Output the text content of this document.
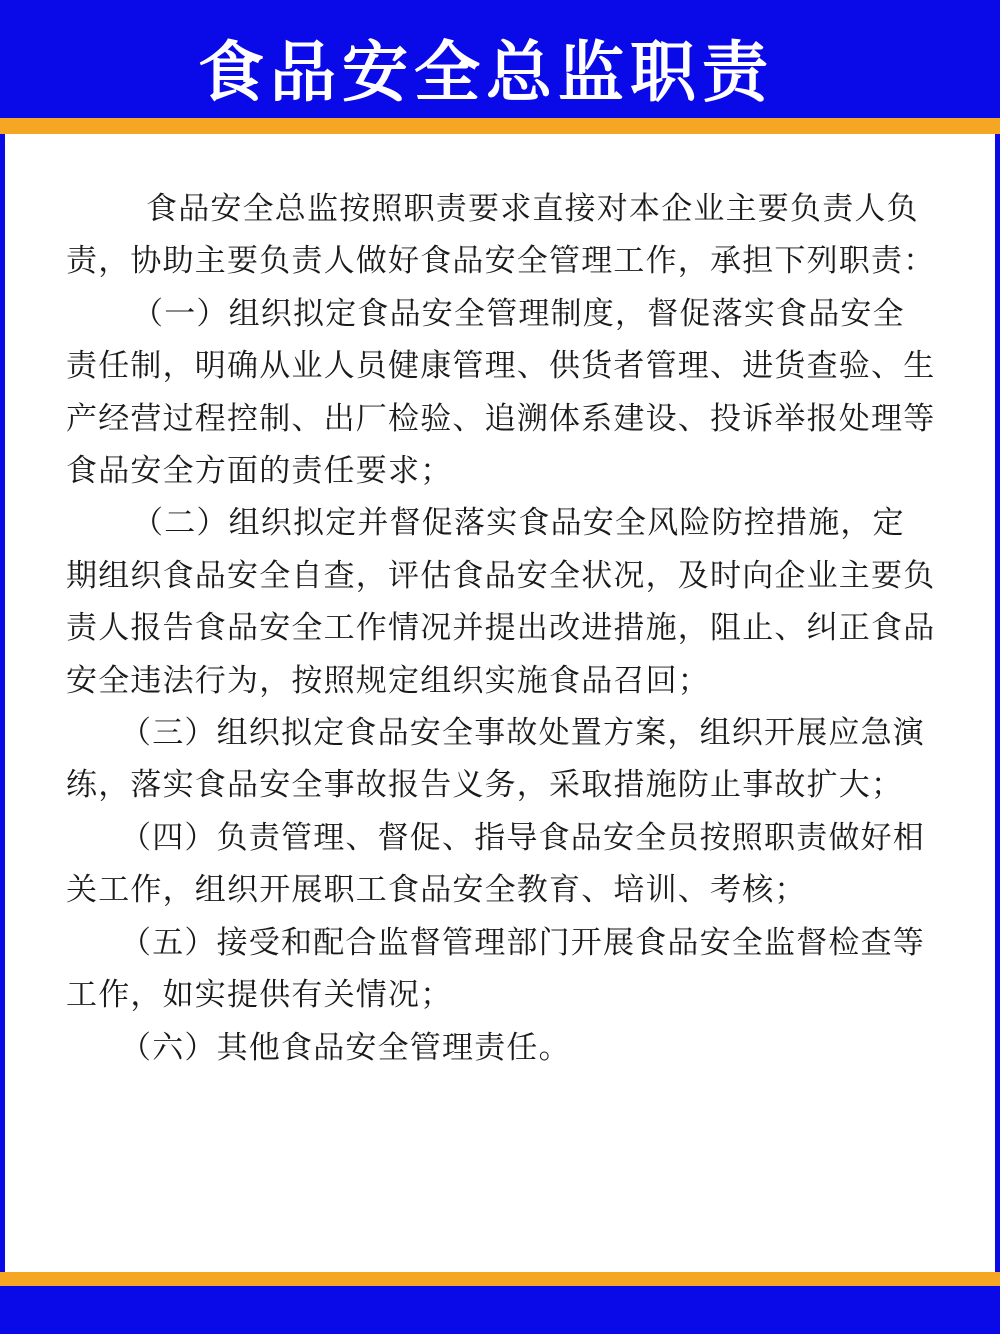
食品安全总监职责

食品安全总监按照职责要求直接对本企业主要负责人负责，协助主要负责人做好食品安全管理工作，承担下列职责：

（一）组织拟定食品安全管理制度，督促落实食品安全责任制，明确从业人员健康管理、供货者管理、进货查验、生产经营过程控制、出厂检验、追溯体系建设、投诉举报处理等食品安全方面的责任要求；

（二）组织拟定并督促落实食品安全风险防控措施，定期组织食品安全自查，评估食品安全状况，及时向企业主要负责人报告食品安全工作情况并提出改进措施，阻止、纠正食品安全违法行为，按照规定组织实施食品召回；

（三）组织拟定食品安全事故处置方案，组织开展应急演练，落实食品安全事故报告义务，采取措施防止事故扩大；

（四）负责管理、督促、指导食品安全员按照职责做好相关工作，组织开展职工食品安全教育、培训、考核；

（五）接受和配合监督管理部门开展食品安全监督检查等工作，如实提供有关情况；

（六）其他食品安全管理责任。
